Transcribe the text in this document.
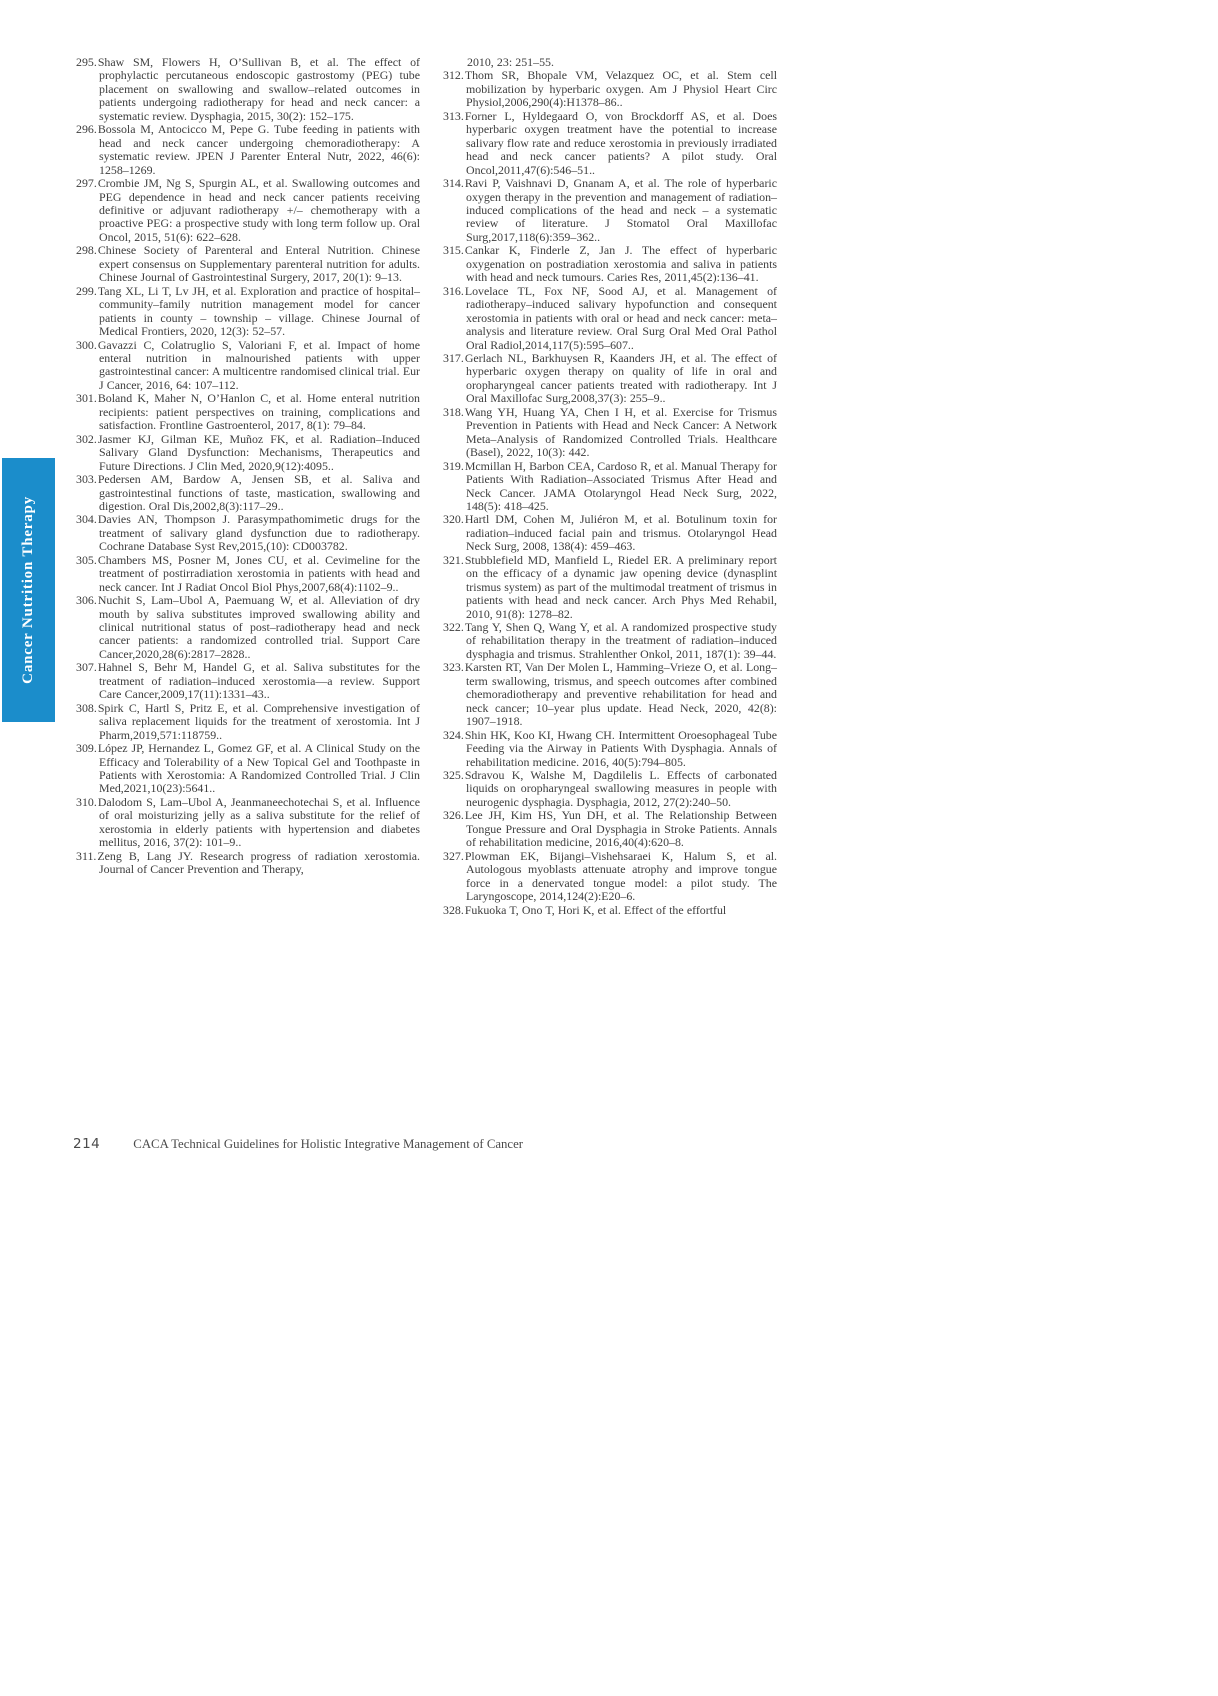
Cancer Nutrition Therapy

295.Shaw SM, Flowers H, O’Sullivan B, et al. The effect of prophylactic percutaneous endoscopic gastrostomy (PEG) tube placement on swallowing and swallow–related outcomes in patients undergoing radiotherapy for head and neck cancer: a systematic review. Dysphagia, 2015, 30(2): 152–175.

296.Bossola M, Antocicco M, Pepe G. Tube feeding in patients with head and neck cancer undergoing chemoradiotherapy: A systematic review. JPEN J Parenter Enteral Nutr, 2022, 46(6): 1258–1269.

297.Crombie JM, Ng S, Spurgin AL, et al. Swallowing outcomes and PEG dependence in head and neck cancer patients receiving definitive or adjuvant radiotherapy +/– chemotherapy with a proactive PEG: a prospective study with long term follow up. Oral Oncol, 2015, 51(6): 622–628.

298.Chinese Society of Parenteral and Enteral Nutrition. Chinese expert consensus on Supplementary parenteral nutrition for adults. Chinese Journal of Gastrointestinal Surgery, 2017, 20(1): 9–13.

299.Tang XL, Li T, Lv JH, et al. Exploration and practice of hospital–community–family nutrition management model for cancer patients in county – township – village. Chinese Journal of Medical Frontiers, 2020, 12(3): 52–57.

300.Gavazzi C, Colatruglio S, Valoriani F, et al. Impact of home enteral nutrition in malnourished patients with upper gastrointestinal cancer: A multicentre randomised clinical trial. Eur J Cancer, 2016, 64: 107–112.

301.Boland K, Maher N, O’Hanlon C, et al. Home enteral nutrition recipients: patient perspectives on training, complications and satisfaction. Frontline Gastroenterol, 2017, 8(1): 79–84.

302.Jasmer KJ, Gilman KE, Muñoz FK, et al. Radiation–Induced Salivary Gland Dysfunction: Mechanisms, Therapeutics and Future Directions. J Clin Med, 2020,9(12):4095..

303.Pedersen AM, Bardow A, Jensen SB, et al. Saliva and gastrointestinal functions of taste, mastication, swallowing and digestion. Oral Dis,2002,8(3):117–29..

304.Davies AN, Thompson J. Parasympathomimetic drugs for the treatment of salivary gland dysfunction due to radiotherapy. Cochrane Database Syst Rev,2015,(10): CD003782.

305.Chambers MS, Posner M, Jones CU, et al. Cevimeline for the treatment of postirradiation xerostomia in patients with head and neck cancer. Int J Radiat Oncol Biol Phys,2007,68(4):1102–9..

306.Nuchit S, Lam–Ubol A, Paemuang W, et al. Alleviation of dry mouth by saliva substitutes improved swallowing ability and clinical nutritional status of post–radiotherapy head and neck cancer patients: a randomized controlled trial. Support Care Cancer,2020,28(6):2817–2828..

307.Hahnel S, Behr M, Handel G, et al. Saliva substitutes for the treatment of radiation–induced xerostomia––a review. Support Care Cancer,2009,17(11):1331–43..

308.Spirk C, Hartl S, Pritz E, et al. Comprehensive investigation of saliva replacement liquids for the treatment of xerostomia. Int J Pharm,2019,571:118759..

309.López JP, Hernandez L, Gomez GF, et al. A Clinical Study on the Efficacy and Tolerability of a New Topical Gel and Toothpaste in Patients with Xerostomia: A Randomized Controlled Trial. J Clin Med,2021,10(23):5641..

310.Dalodom S, Lam–Ubol A, Jeanmaneechotechai S, et al. Influence of oral moisturizing jelly as a saliva substitute for the relief of xerostomia in elderly patients with hypertension and diabetes mellitus, 2016, 37(2): 101–9..

311.Zeng B, Lang JY. Research progress of radiation xerostomia. Journal of Cancer Prevention and Therapy,

2010, 23: 251–55.

312.Thom SR, Bhopale VM, Velazquez OC, et al. Stem cell mobilization by hyperbaric oxygen. Am J Physiol Heart Circ Physiol,2006,290(4):H1378–86..

313.Forner L, Hyldegaard O, von Brockdorff AS, et al. Does hyperbaric oxygen treatment have the potential to increase salivary flow rate and reduce xerostomia in previously irradiated head and neck cancer patients? A pilot study. Oral Oncol,2011,47(6):546–51..

314.Ravi P, Vaishnavi D, Gnanam A, et al. The role of hyperbaric oxygen therapy in the prevention and management of radiation–induced complications of the head and neck – a systematic review of literature. J Stomatol Oral Maxillofac Surg,2017,118(6):359–362..

315.Cankar K, Finderle Z, Jan J. The effect of hyperbaric oxygenation on postradiation xerostomia and saliva in patients with head and neck tumours. Caries Res, 2011,45(2):136–41.

316.Lovelace TL, Fox NF, Sood AJ, et al. Management of radiotherapy–induced salivary hypofunction and consequent xerostomia in patients with oral or head and neck cancer: meta–analysis and literature review. Oral Surg Oral Med Oral Pathol Oral Radiol,2014,117(5):595–607..

317.Gerlach NL, Barkhuysen R, Kaanders JH, et al. The effect of hyperbaric oxygen therapy on quality of life in oral and oropharyngeal cancer patients treated with radiotherapy. Int J Oral Maxillofac Surg,2008,37(3): 255–9..

318.Wang YH, Huang YA, Chen I H, et al. Exercise for Trismus Prevention in Patients with Head and Neck Cancer: A Network Meta–Analysis of Randomized Controlled Trials. Healthcare (Basel), 2022, 10(3): 442.

319.Mcmillan H, Barbon CEA, Cardoso R, et al. Manual Therapy for Patients With Radiation–Associated Trismus After Head and Neck Cancer. JAMA Otolaryngol Head Neck Surg, 2022, 148(5): 418–425.

320.Hartl DM, Cohen M, Juliéron M, et al. Botulinum toxin for radiation–induced facial pain and trismus. Otolaryngol Head Neck Surg, 2008, 138(4): 459–463.

321.Stubblefield MD, Manfield L, Riedel ER. A preliminary report on the efficacy of a dynamic jaw opening device (dynasplint trismus system) as part of the multimodal treatment of trismus in patients with head and neck cancer. Arch Phys Med Rehabil, 2010, 91(8): 1278–82.

322.Tang Y, Shen Q, Wang Y, et al. A randomized prospective study of rehabilitation therapy in the treatment of radiation–induced dysphagia and trismus. Strahlenther Onkol, 2011, 187(1): 39–44.

323.Karsten RT, Van Der Molen L, Hamming–Vrieze O, et al. Long–term swallowing, trismus, and speech outcomes after combined chemoradiotherapy and preventive rehabilitation for head and neck cancer; 10–year plus update. Head Neck, 2020, 42(8): 1907–1918.

324.Shin HK, Koo KI, Hwang CH. Intermittent Oroesophageal Tube Feeding via the Airway in Patients With Dysphagia. Annals of rehabilitation medicine. 2016, 40(5):794–805.

325.Sdravou K, Walshe M, Dagdilelis L. Effects of carbonated liquids on oropharyngeal swallowing measures in people with neurogenic dysphagia. Dysphagia, 2012, 27(2):240–50.

326.Lee JH, Kim HS, Yun DH, et al. The Relationship Between Tongue Pressure and Oral Dysphagia in Stroke Patients. Annals of rehabilitation medicine, 2016,40(4):620–8.

327.Plowman EK, Bijangi–Vishehsaraei K, Halum S, et al. Autologous myoblasts attenuate atrophy and improve tongue force in a denervated tongue model: a pilot study. The Laryngoscope, 2014,124(2):E20–6.

328.Fukuoka T, Ono T, Hori K, et al. Effect of the effortful

214	CACA Technical Guidelines for Holistic Integrative Management of Cancer
